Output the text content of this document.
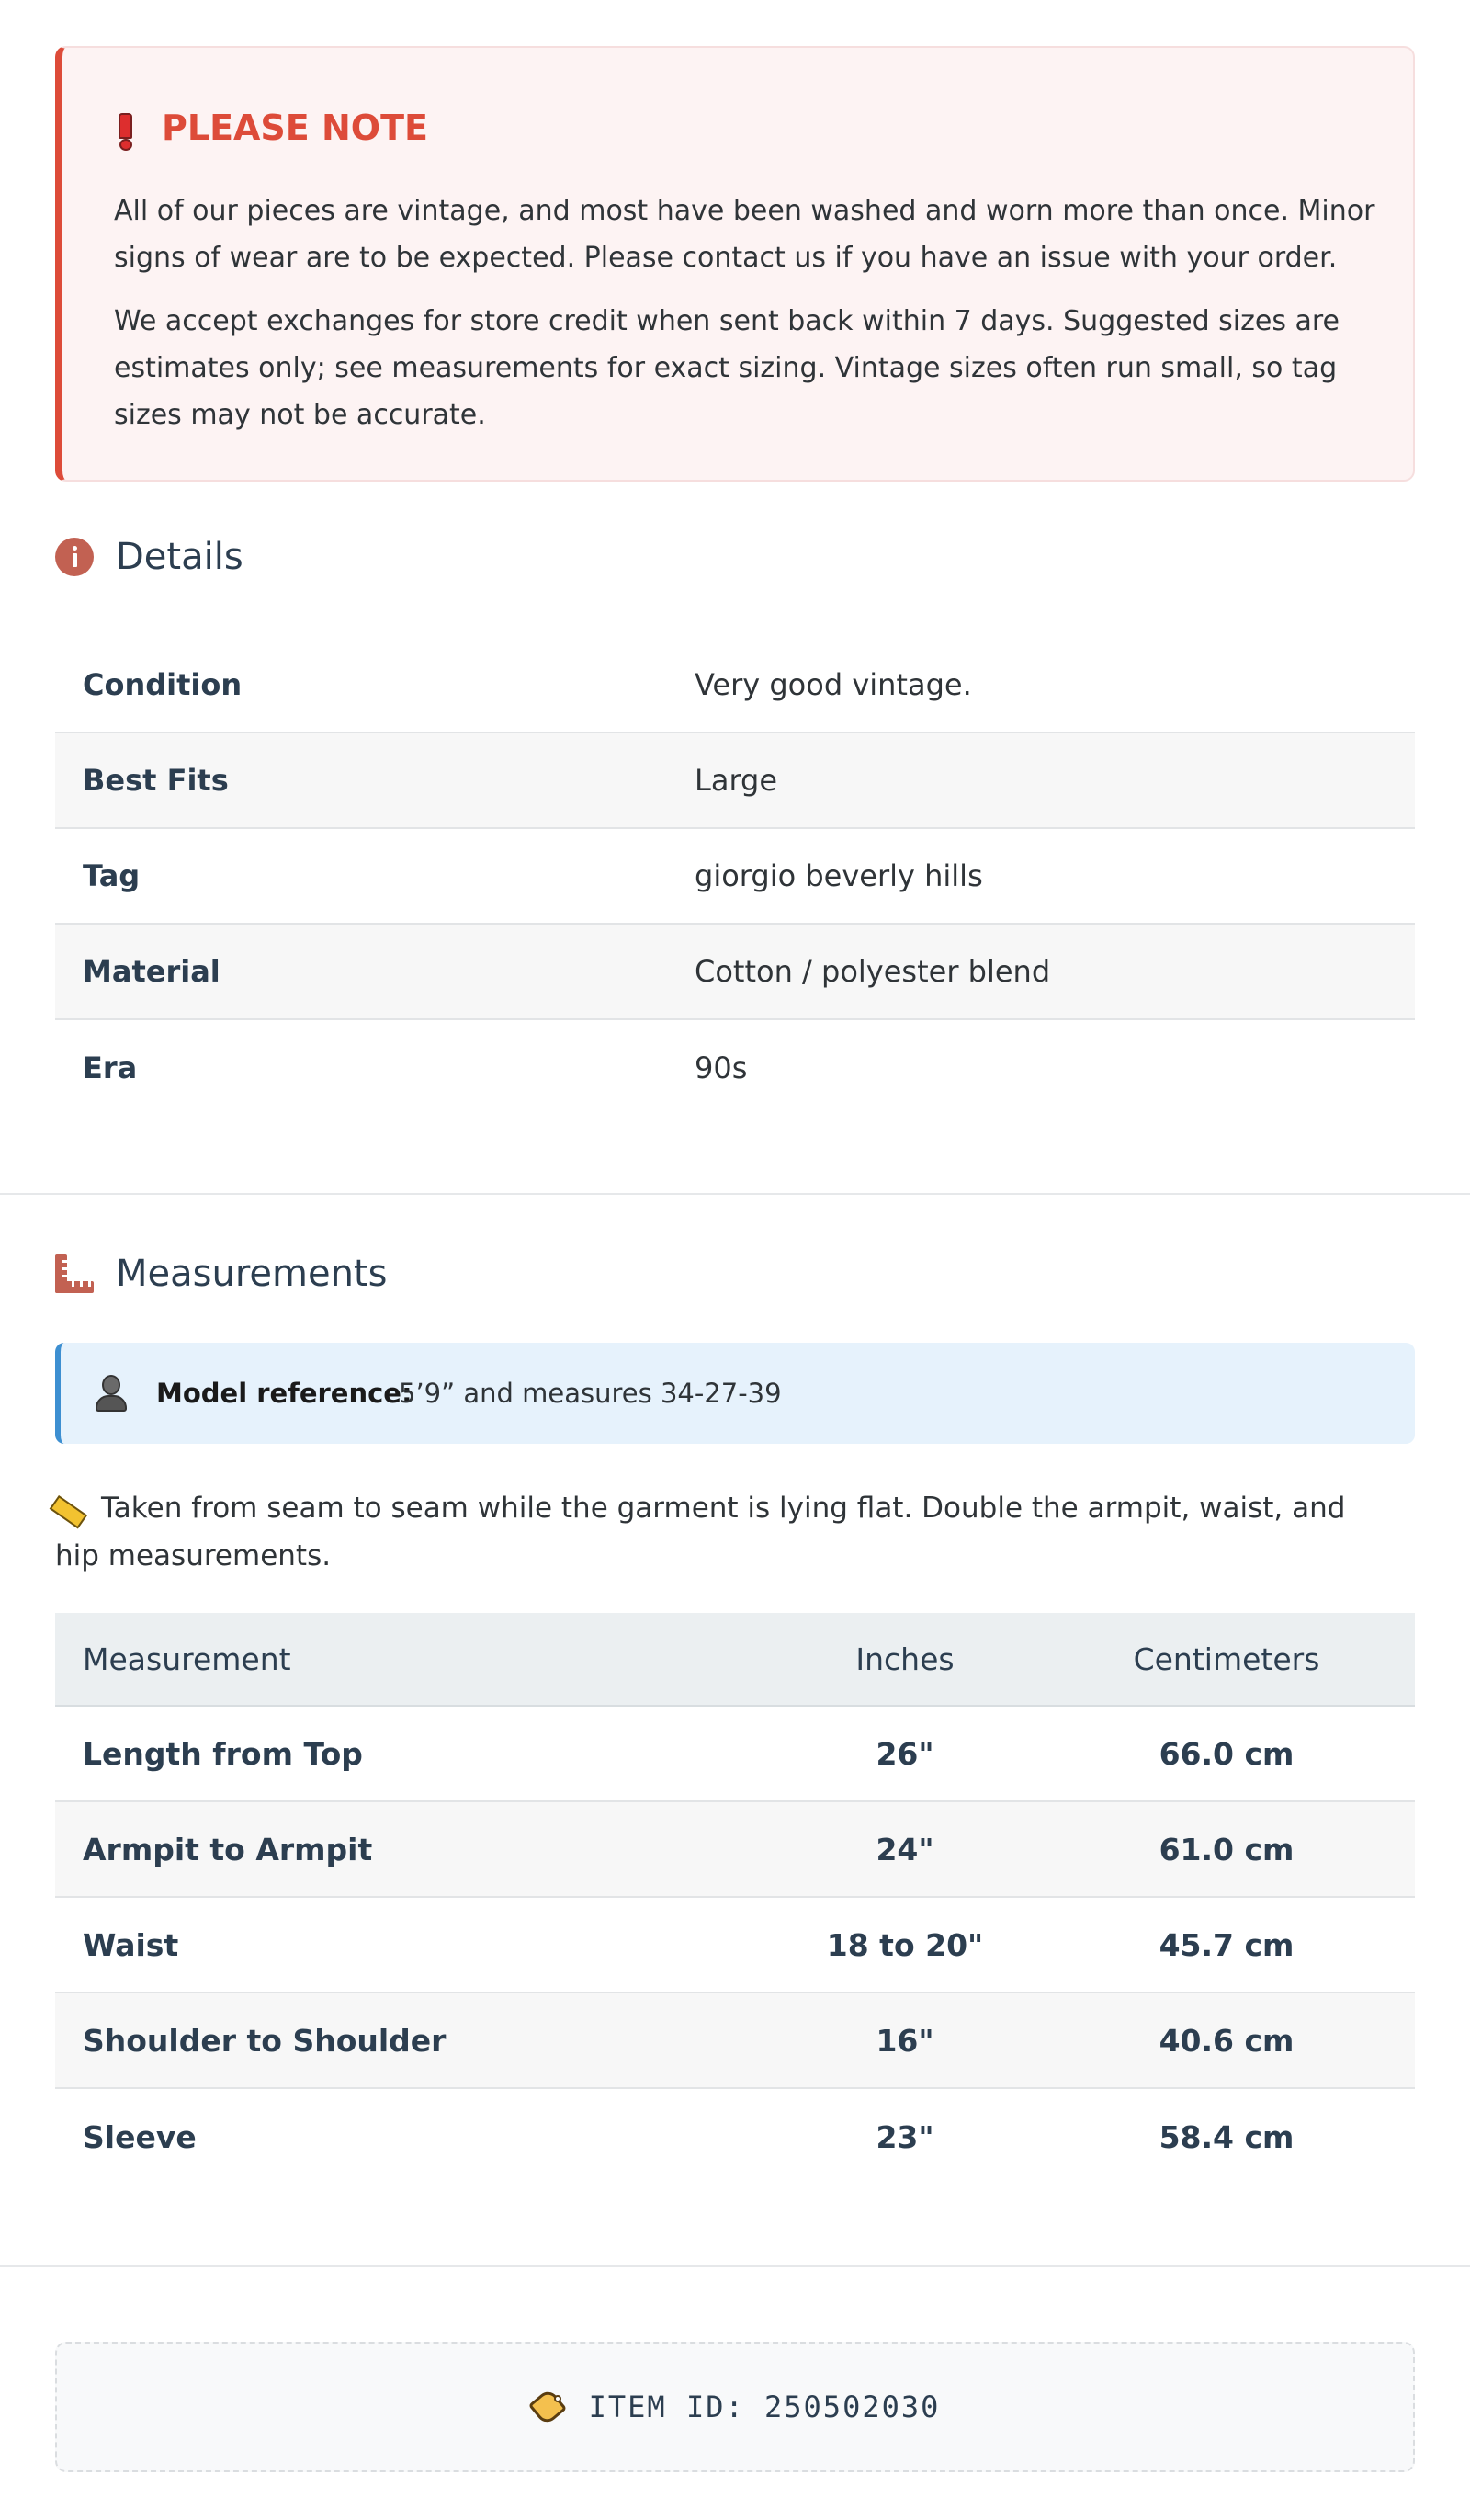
PLEASE NOTE
All of our pieces are vintage, and most have been washed and worn more than once. Minor signs of wear are to be expected. Please contact us if you have an issue with your order.
We accept exchanges for store credit when sent back within 7 days. Suggested sizes are estimates only; see measurements for exact sizing. Vintage sizes often run small, so tag sizes may not be accurate.
Details
Condition	Very good vintage.
Best Fits	Large
Tag	giorgio beverly hills
Material	Cotton / polyester blend
Era	90s
Measurements
Model reference:
5’9” and measures 34-27-39
Taken from seam to seam while the garment is lying flat. Double the armpit, waist, and hip measurements.
Measurement	Inches	Centimeters
Length from Top	26"	66.0 cm
Armpit to Armpit	24"	61.0 cm
Waist	18 to 20"	45.7 cm
Shoulder to Shoulder	16"	40.6 cm
Sleeve	23"	58.4 cm
ITEM ID: 250502030
